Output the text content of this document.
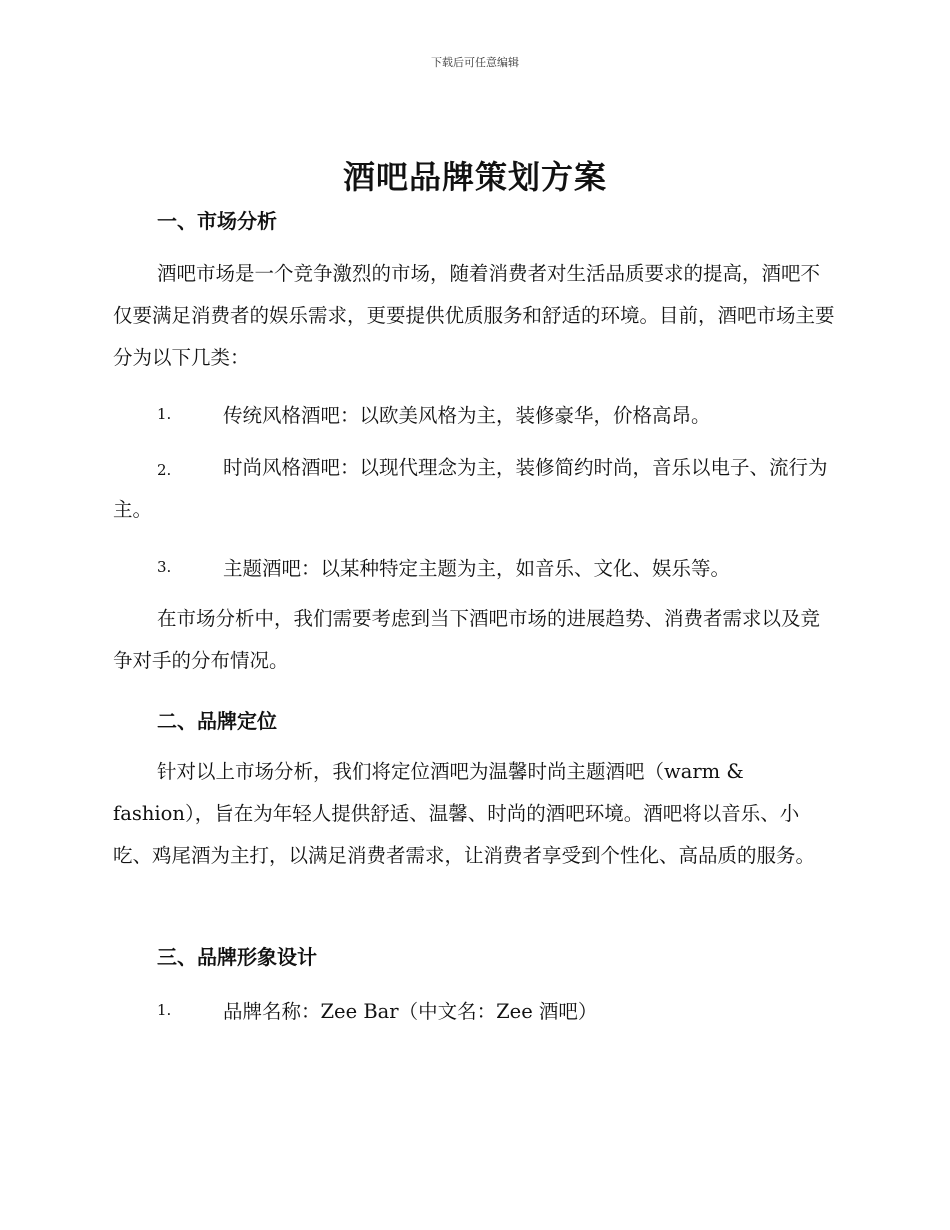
下载后可任意编辑
酒吧品牌策划方案
一、市场分析

酒吧市场是一个竞争激烈的市场，随着消费者对生活品质要求的提高，酒吧不仅要满足消费者的娱乐需求，更要提供优质服务和舒适的环境。目前，酒吧市场主要分为以下几类：

1.	传统风格酒吧：以欧美风格为主，装修豪华，价格高昂。
2.	时尚风格酒吧：以现代理念为主，装修简约时尚，音乐以电子、流行为主。
3.	主题酒吧：以某种特定主题为主，如音乐、文化、娱乐等。

在市场分析中，我们需要考虑到当下酒吧市场的进展趋势、消费者需求以及竞争对手的分布情况。

二、品牌定位

针对以上市场分析，我们将定位酒吧为温馨时尚主题酒吧（warm & fashion），旨在为年轻人提供舒适、温馨、时尚的酒吧环境。酒吧将以音乐、小吃、鸡尾酒为主打，以满足消费者需求，让消费者享受到个性化、高品质的服务。

三、品牌形象设计
1.	品牌名称：Zee Bar（中文名：Zee 酒吧）
